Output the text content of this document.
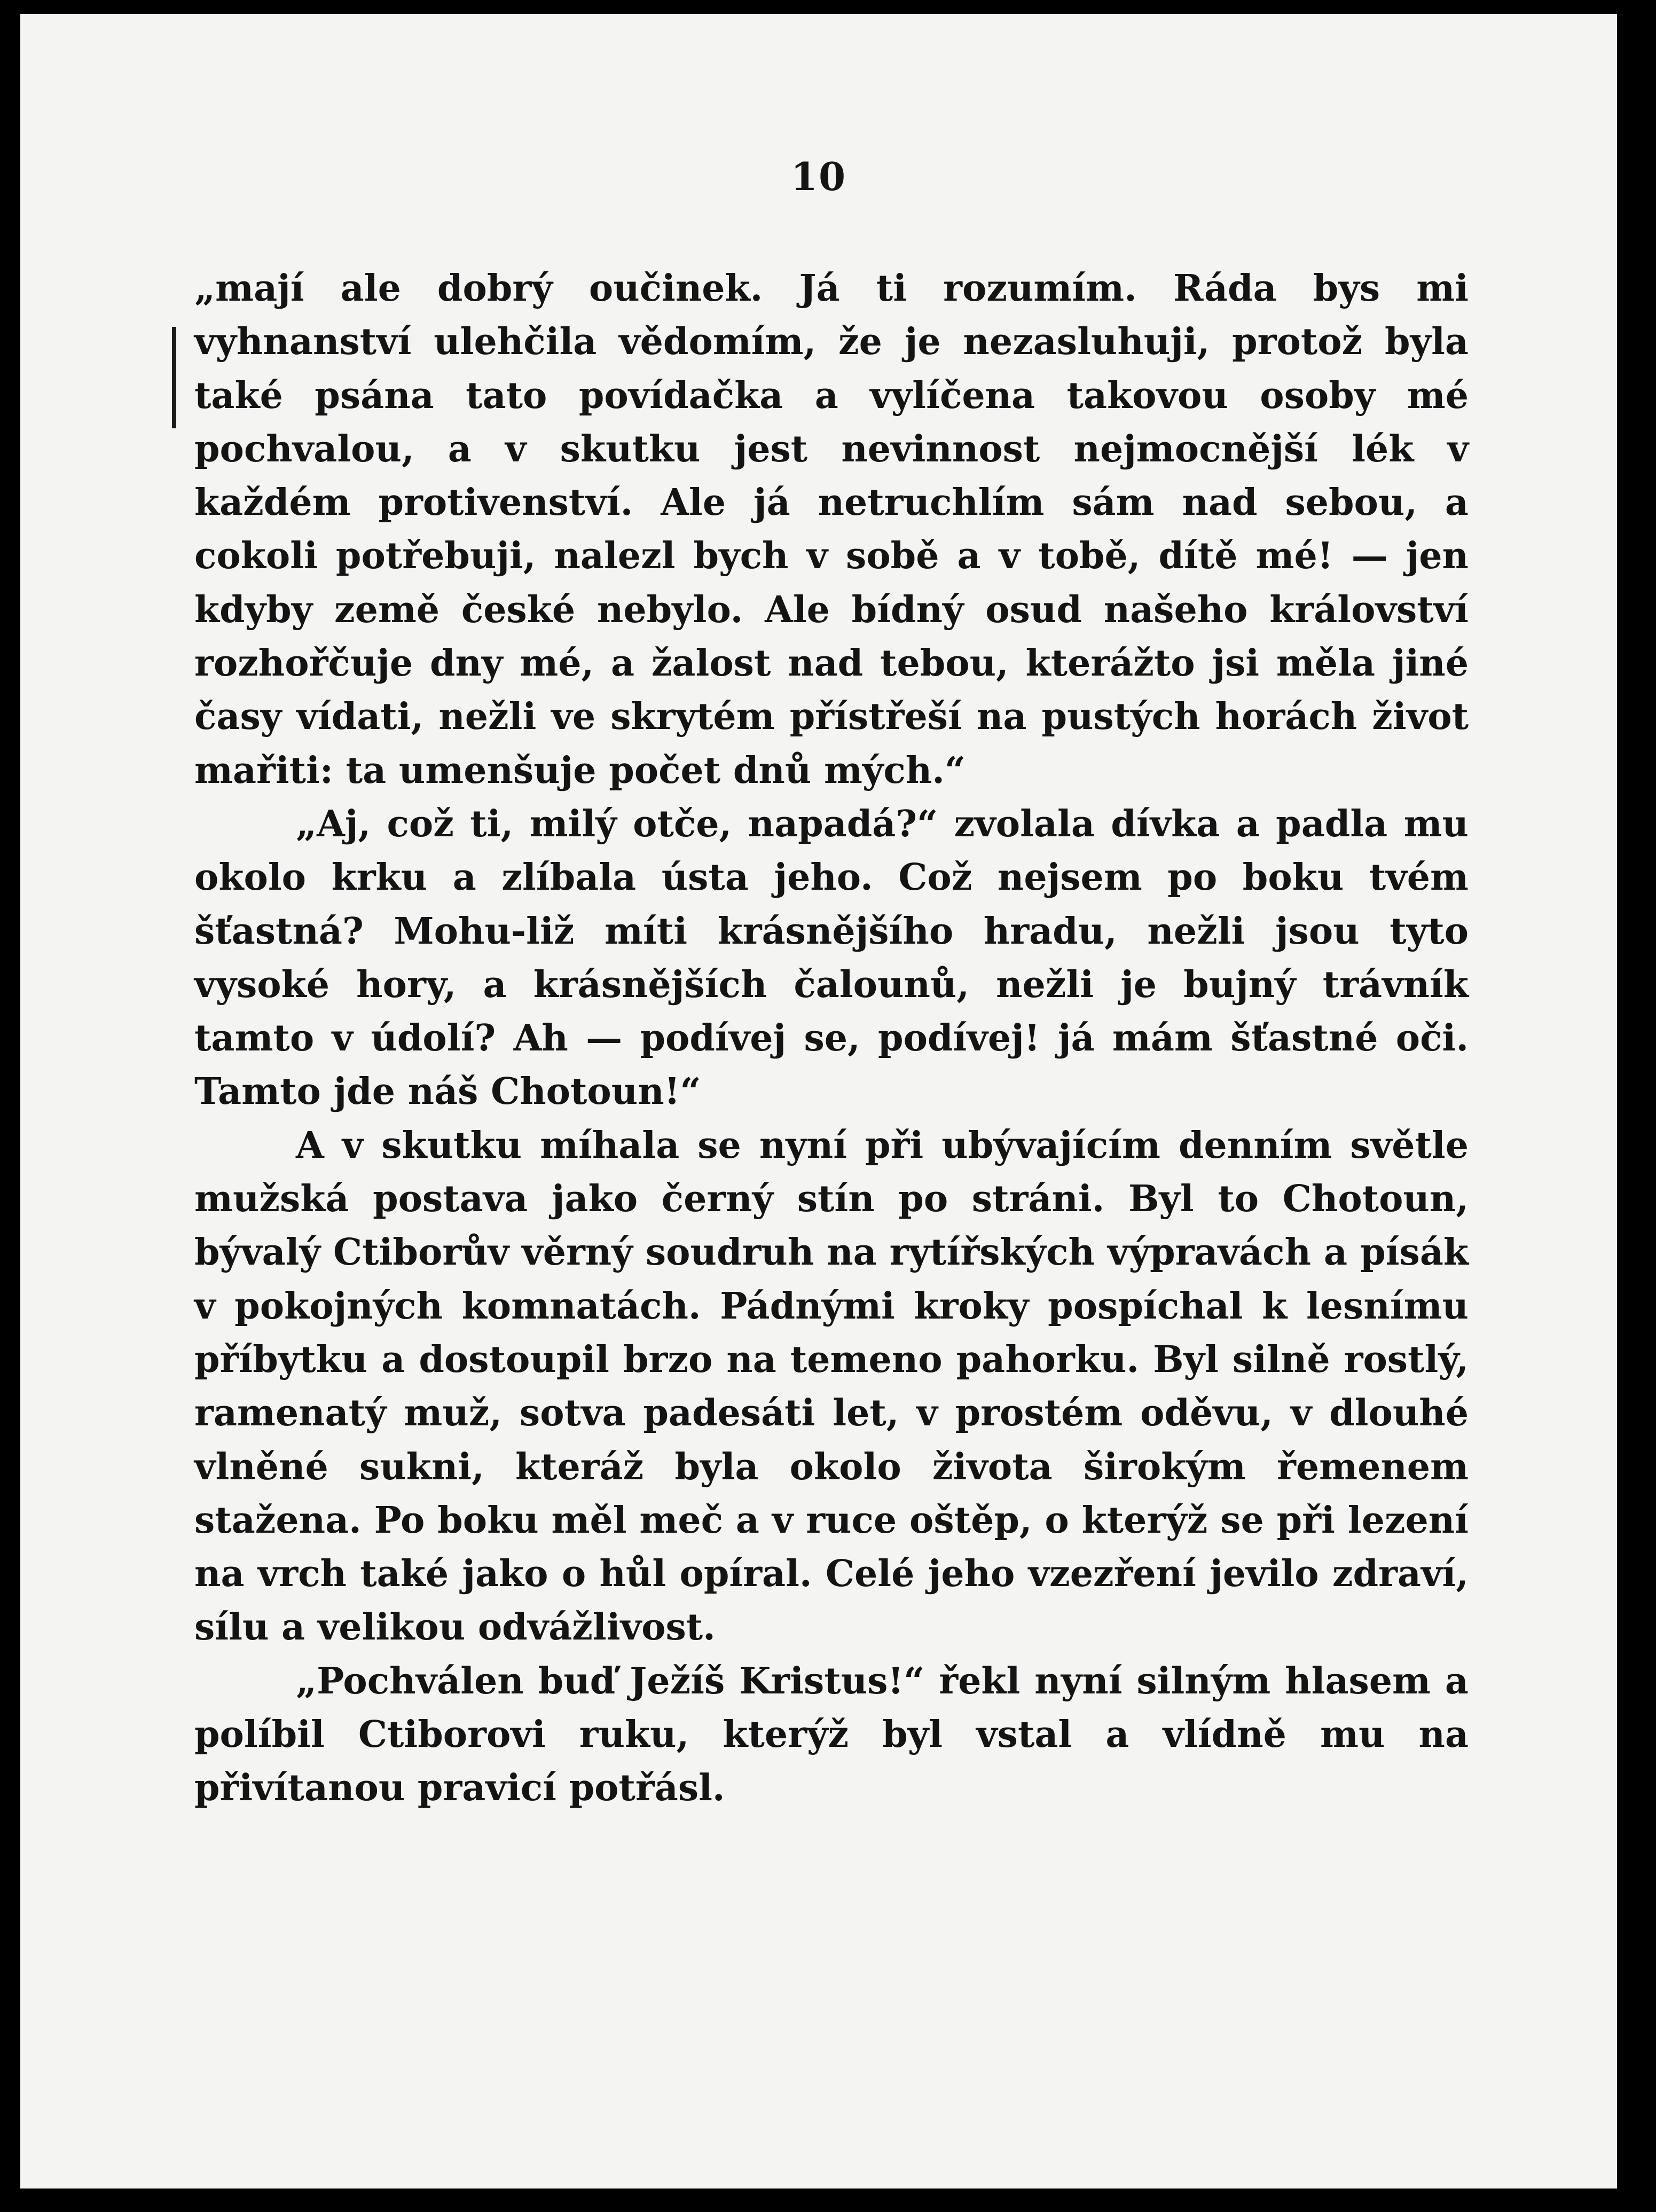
10

„mají ale dobrý oučinek. Já ti rozumím. Ráda bys mi vyhnanství ulehčila vědomím, že je nezasluhuji, protož byla také psána tato povídačka a vylíčena takovou osoby mé pochvalou, a v skutku jest nevinnost nejmocnější lék v každém protivenství. Ale já netruchlím sám nad sebou, a cokoli potřebuji, nalezl bych v sobě a v tobě, dítě mé! — jen kdyby země české nebylo. Ale bídný osud našeho království rozhořčuje dny mé, a žalost nad tebou, kterážto jsi měla jiné časy vídati, nežli ve skrytém přístřeší na pustých horách život mařiti: ta umenšuje počet dnů mých.“

„Aj, což ti, milý otče, napadá?“ zvolala dívka a padla mu okolo krku a zlíbala ústa jeho. Což nejsem po boku tvém šťastná? Mohu-liž míti krásnějšího hradu, nežli jsou tyto vysoké hory, a krásnějších čalounů, nežli je bujný trávník tamto v údolí? Ah — podívej se, podívej! já mám šťastné oči. Tamto jde náš Chotoun!“

A v skutku míhala se nyní při ubývajícím denním světle mužská postava jako černý stín po stráni. Byl to Chotoun, bývalý Ctiborův věrný soudruh na rytířských výpravách a písák v pokojných komnatách. Pádnými kroky pospíchal k lesnímu příbytku a dostoupil brzo na temeno pahorku. Byl silně rostlý, ramenatý muž, sotva padesáti let, v prostém oděvu, v dlouhé vlněné sukni, kteráž byla okolo života širokým řemenem stažena. Po boku měl meč a v ruce oštěp, o kterýž se při lezení na vrch také jako o hůl opíral. Celé jeho vzezření jevilo zdraví, sílu a velikou odvážlivost.

„Pochválen buď Ježíš Kristus!“ řekl nyní silným hlasem a políbil Ctiborovi ruku, kterýž byl vstal a vlídně mu na přivítanou pravicí potřásl.
